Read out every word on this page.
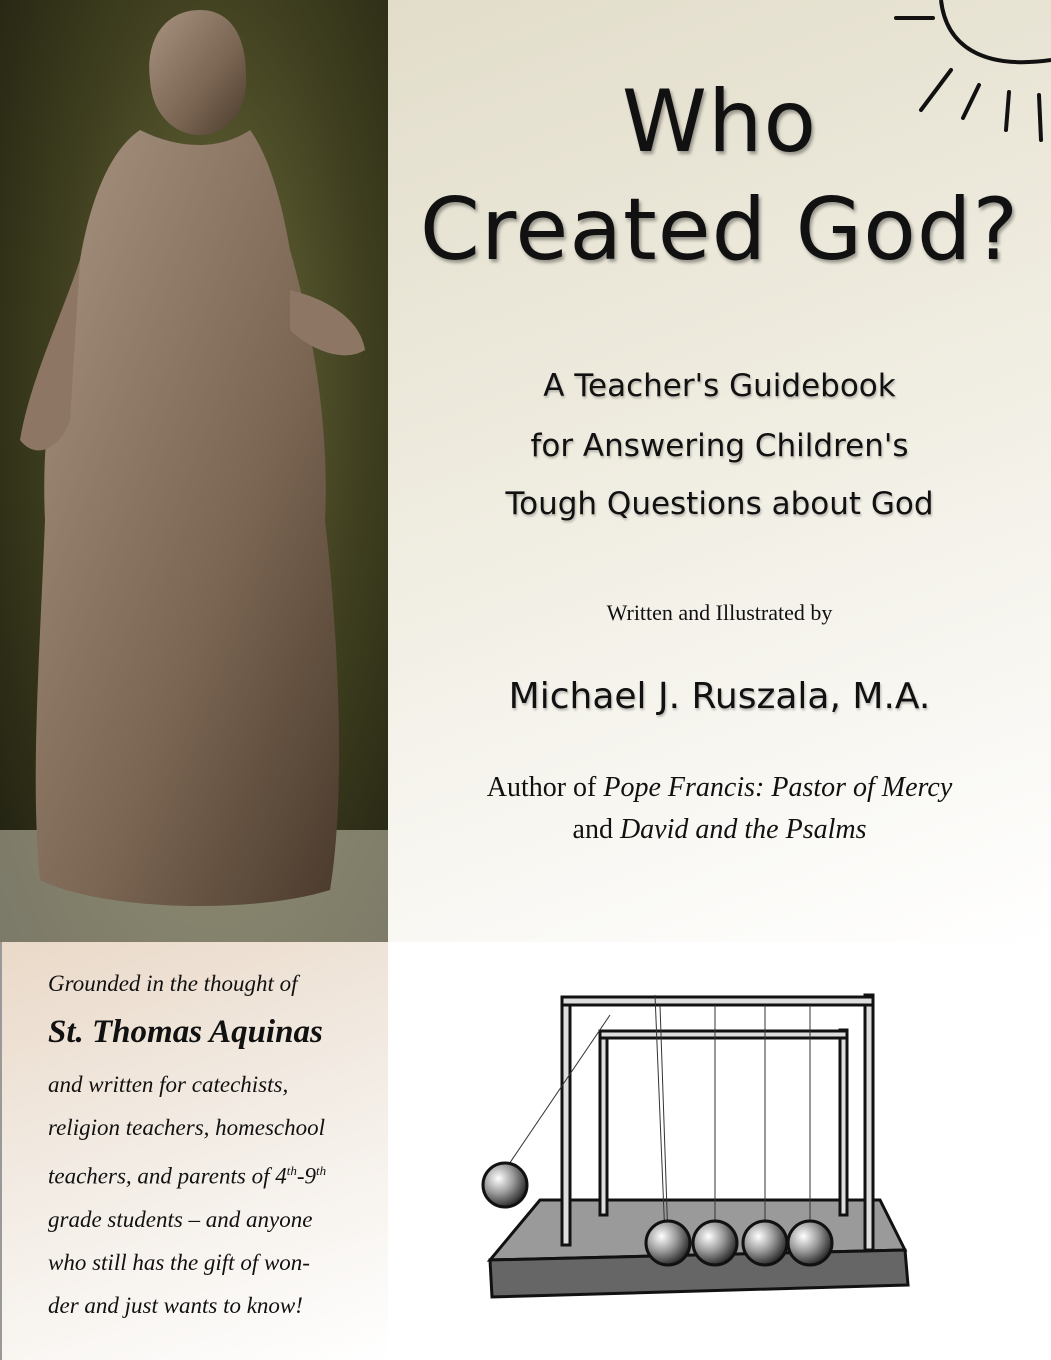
Who
Created God?
A Teacher's Guidebook
for Answering Children's
Tough Questions about God
Written and Illustrated by
Michael J. Ruszala, M.A.
Author of Pope Francis: Pastor of Mercy
and David and the Psalms

Grounded in the thought of

St. Thomas Aquinas

and written for catechists,

religion teachers, homeschool

teachers, and parents of 4th-9th

grade students – and anyone

who still has the gift of won-

der and just wants to know!
